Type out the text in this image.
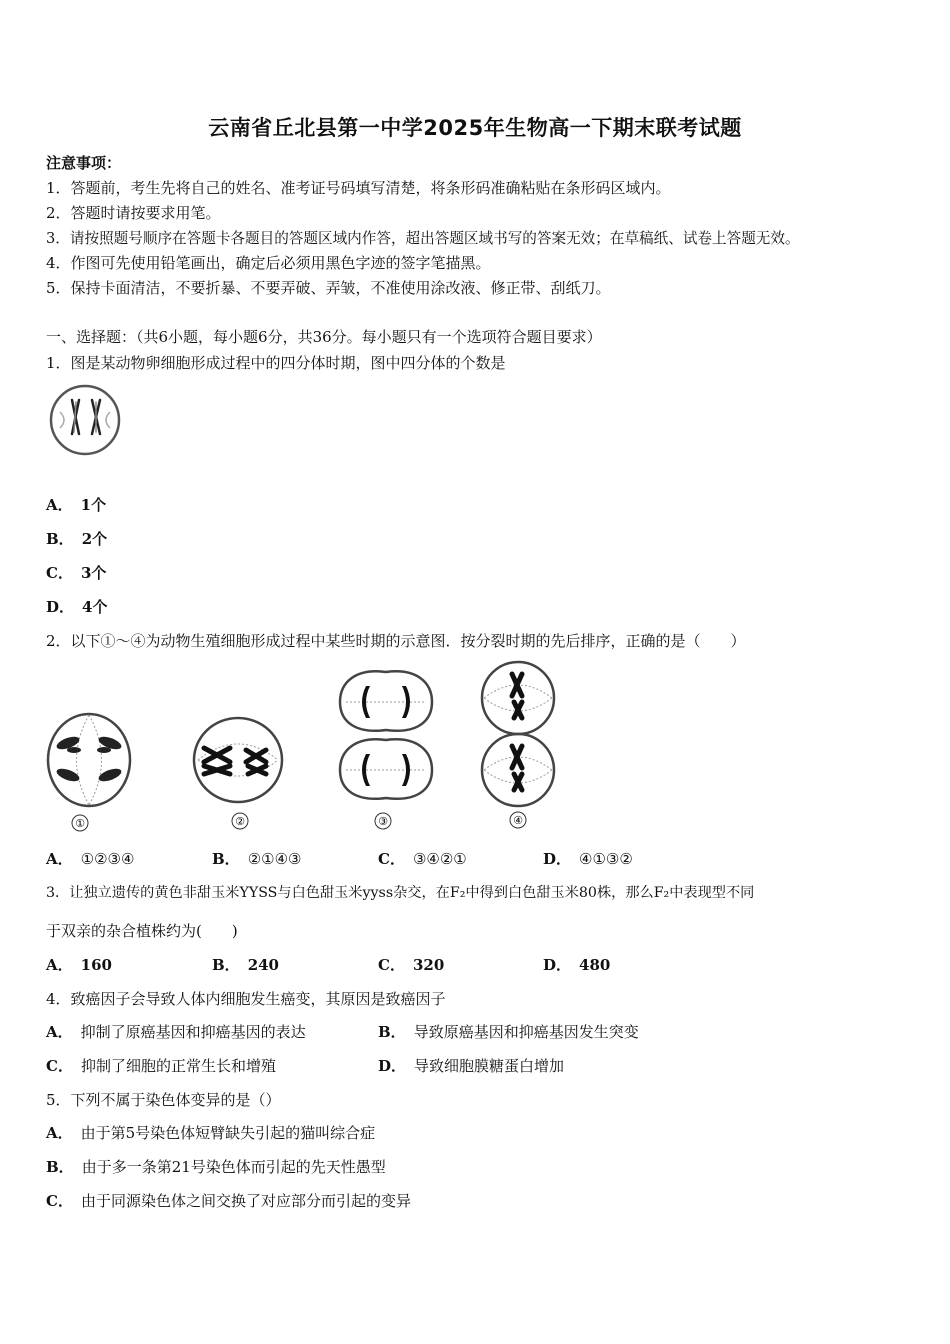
云南省丘北县第一中学2025年生物高一下期末联考试题
注意事项：
1．答题前，考生先将自己的姓名、准考证号码填写清楚，将条形码准确粘贴在条形码区域内。
2．答题时请按要求用笔。
3．请按照题号顺序在答题卡各题目的答题区域内作答，超出答题区域书写的答案无效；在草稿纸、试卷上答题无效。
4．作图可先使用铅笔画出，确定后必须用黑色字迹的签字笔描黑。
5．保持卡面清洁，不要折暴、不要弄破、弄皱，不准使用涂改液、修正带、刮纸刀。
一、选择题：（共6小题，每小题6分，共36分。每小题只有一个选项符合题目要求）
1．图是某动物卵细胞形成过程中的四分体时期，图中四分体的个数是
A． 1个
B． 2个
C． 3个
D． 4个
2．以下①～④为动物生殖细胞形成过程中某些时期的示意图．按分裂时期的先后排序，正确的是（　　）
①	②	③	④
A． ①②③④	B． ②①④③	C． ③④②①	D． ④①③②
3．让独立遗传的黄色非甜玉米YYSS与白色甜玉米yyss杂交，在F₂中得到白色甜玉米80株，那么F₂中表现型不同
于双亲的杂合植株约为(　　)
A． 160	B． 240	C． 320	D． 480
4．致癌因子会导致人体内细胞发生癌变，其原因是致癌因子
A． 抑制了原癌基因和抑癌基因的表达	B． 导致原癌基因和抑癌基因发生突变
C． 抑制了细胞的正常生长和增殖	D． 导致细胞膜糖蛋白增加
5．下列不属于染色体变异的是（）
A． 由于第5号染色体短臂缺失引起的猫叫综合症
B． 由于多一条第21号染色体而引起的先天性愚型
C． 由于同源染色体之间交换了对应部分而引起的变异
